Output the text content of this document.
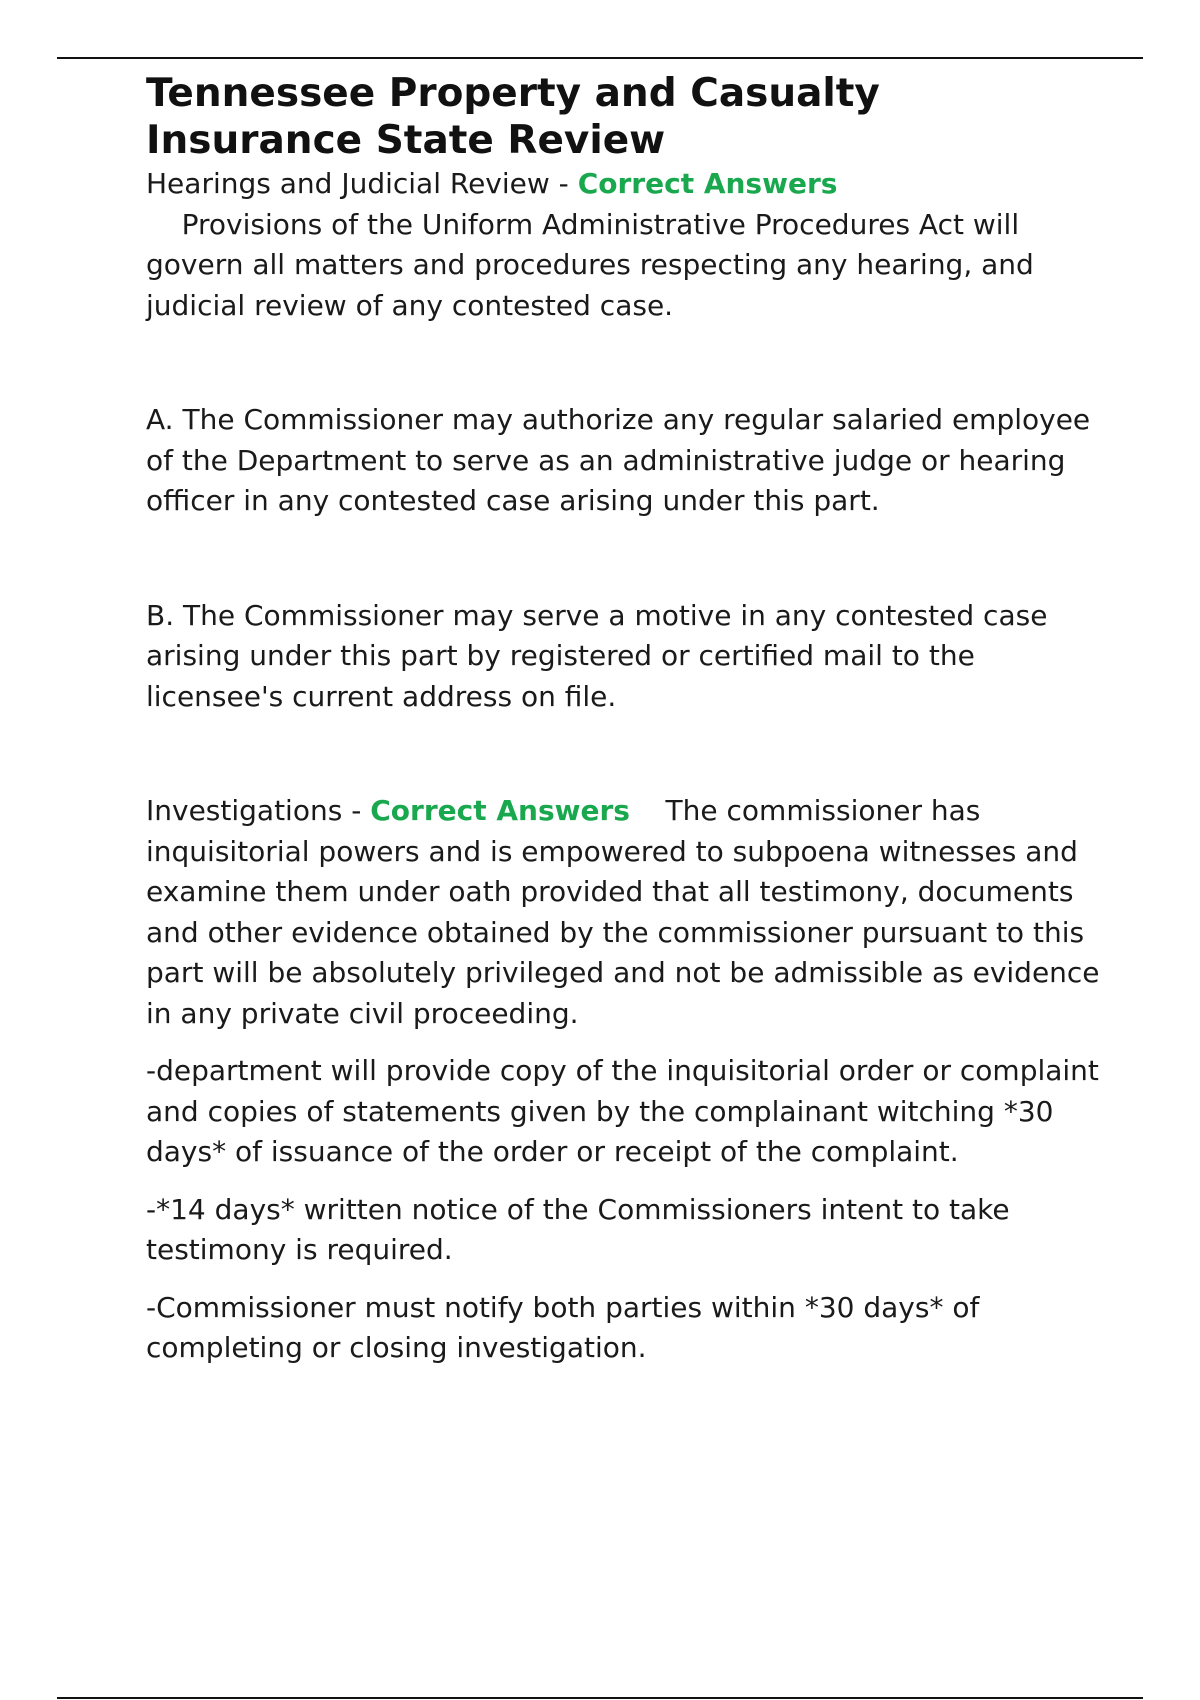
Tennessee Property and Casualty Insurance State Review

Hearings and Judicial Review - Correct Answers
Provisions of the Uniform Administrative Procedures Act will govern all matters and procedures respecting any hearing, and judicial review of any contested case.

A. The Commissioner may authorize any regular salaried employee of the Department to serve as an administrative judge or hearing officer in any contested case arising under this part.

B. The Commissioner may serve a motive in any contested case arising under this part by registered or certified mail to the licensee's current address on file.

Investigations - Correct Answers    The commissioner has inquisitorial powers and is empowered to subpoena witnesses and examine them under oath provided that all testimony, documents and other evidence obtained by the commissioner pursuant to this part will be absolutely privileged and not be admissible as evidence in any private civil proceeding.

-department will provide copy of the inquisitorial order or complaint and copies of statements given by the complainant witching *30 days* of issuance of the order or receipt of the complaint.

-*14 days* written notice of the Commissioners intent to take testimony is required.

-Commissioner must notify both parties within *30 days* of completing or closing investigation.
